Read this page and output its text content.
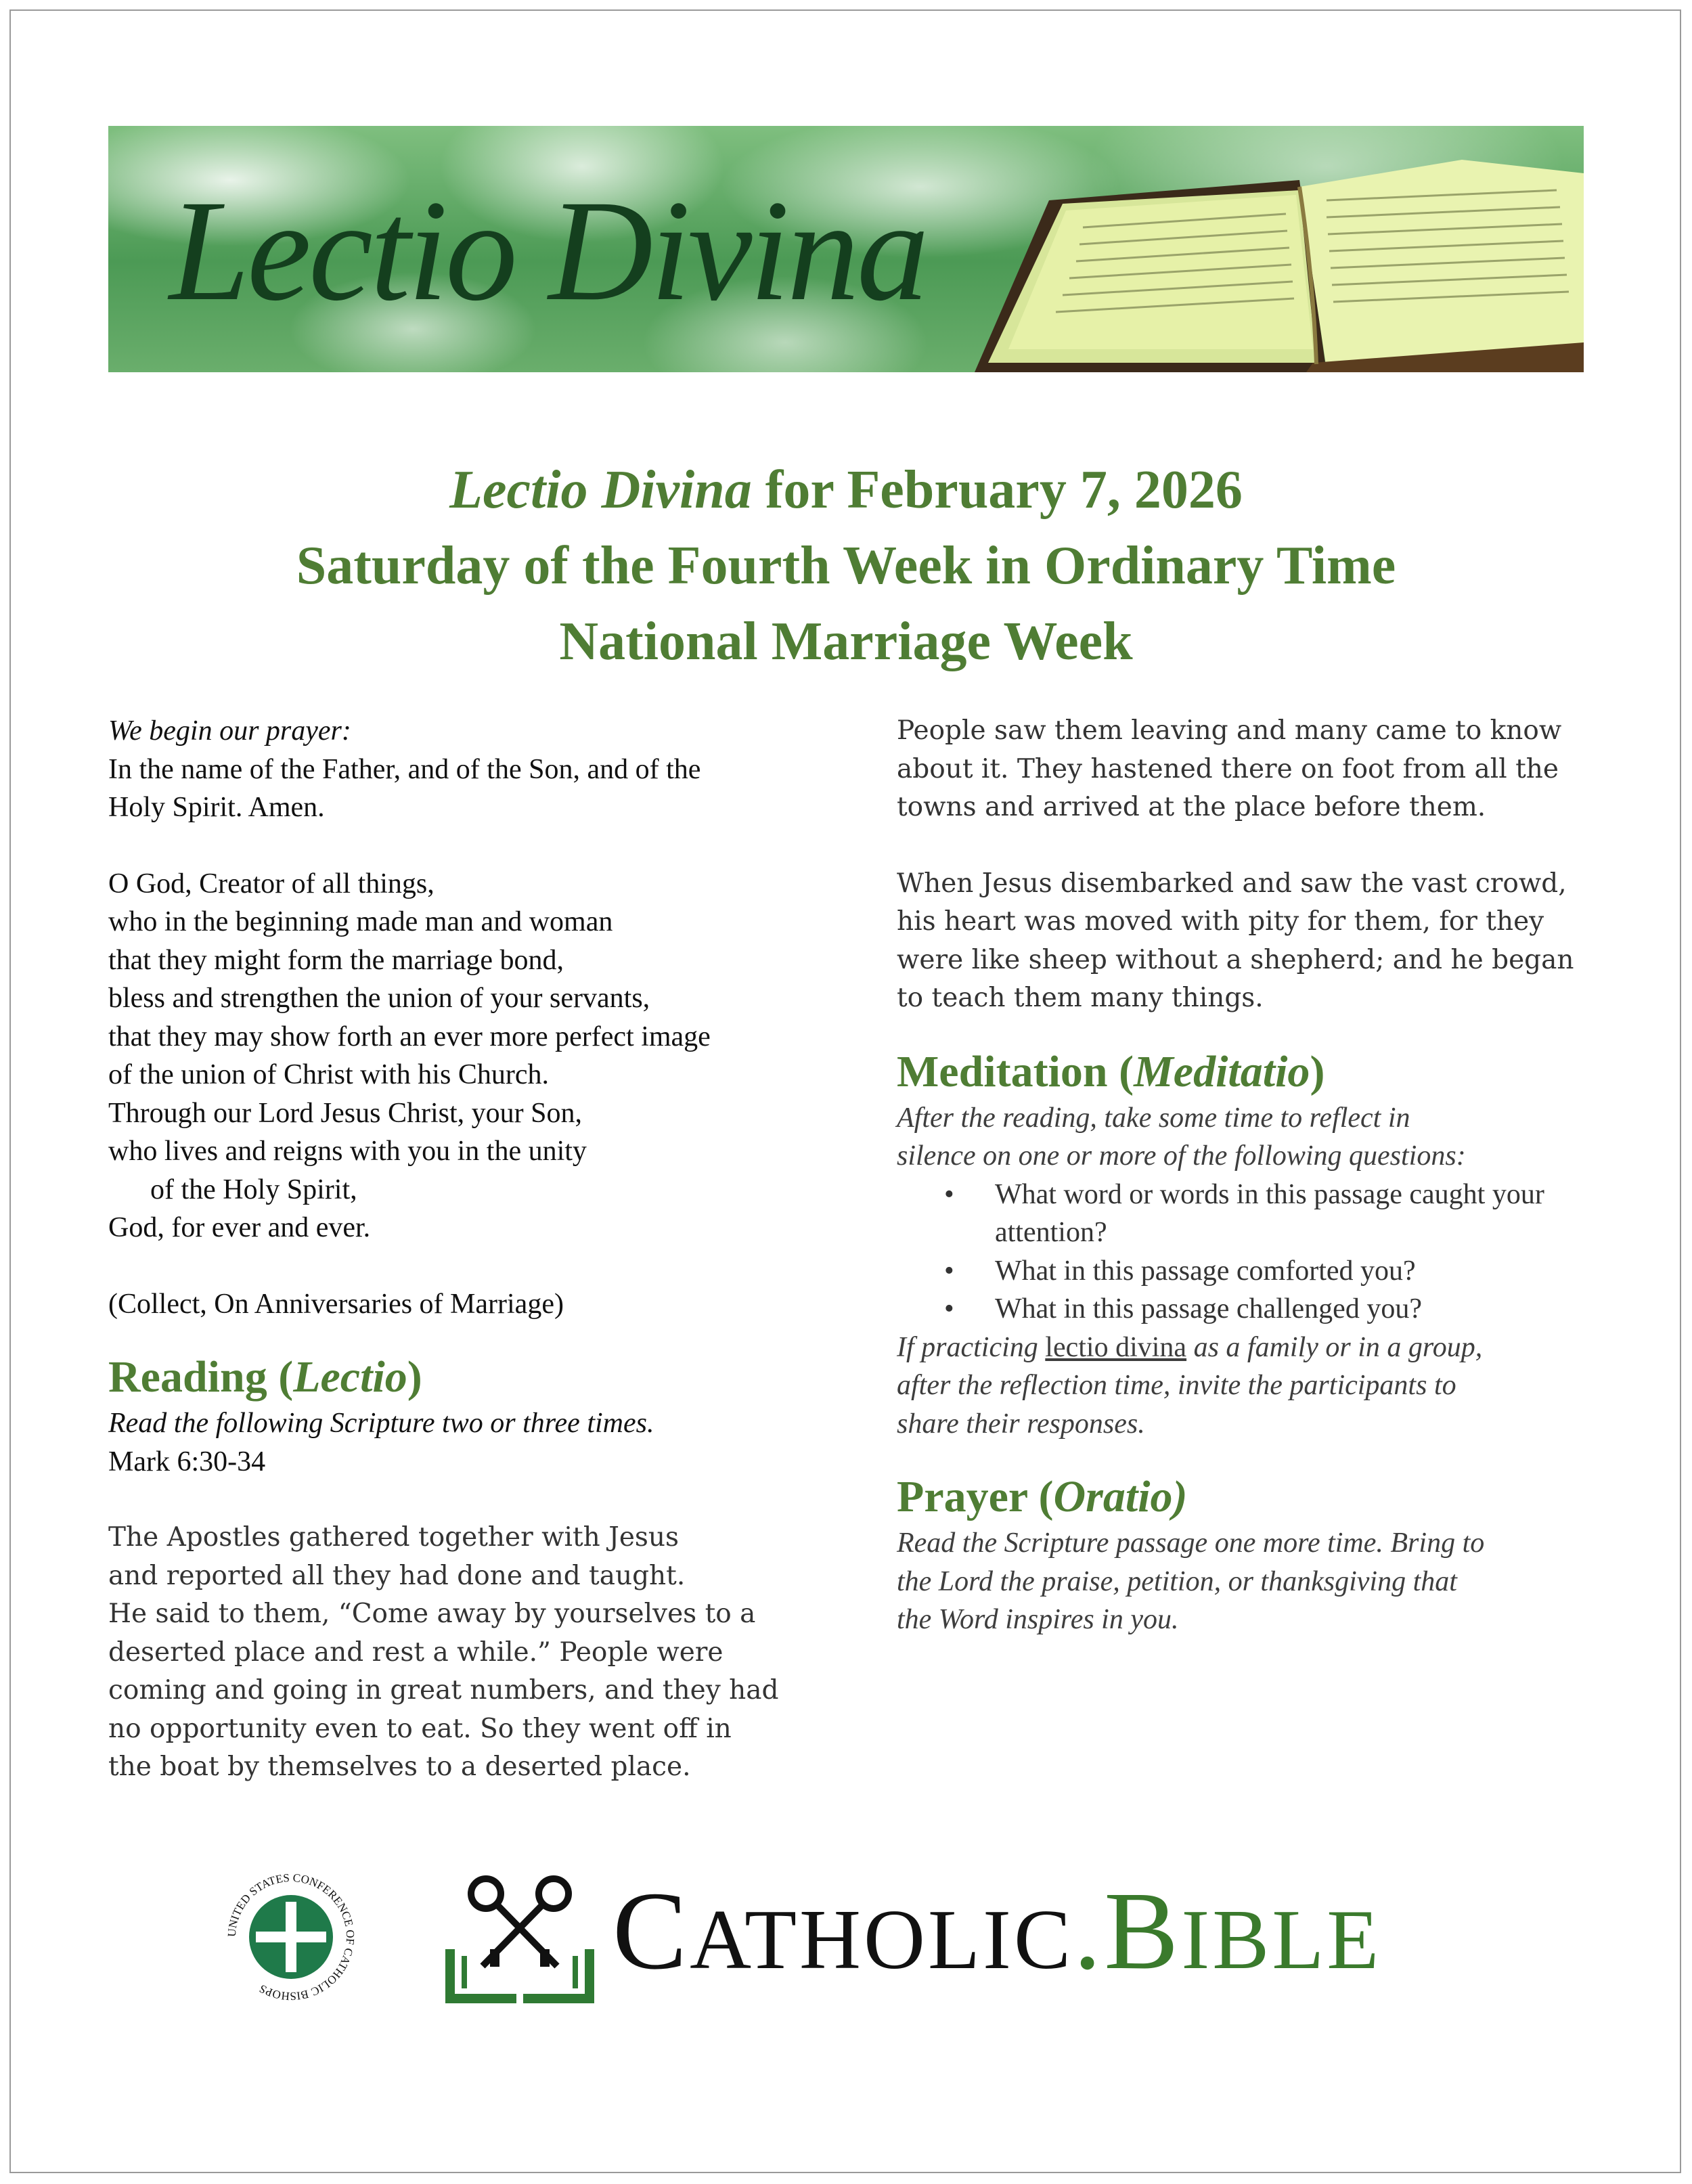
Lectio Divina
Lectio Divina for February 7, 2026
Saturday of the Fourth Week in Ordinary Time
National Marriage Week

We begin our prayer:

In the name of the Father, and of the Son, and of the

Holy Spirit. Amen.

O God, Creator of all things,

who in the beginning made man and woman

that they might form the marriage bond,

bless and strengthen the union of your servants,

that they may show forth an ever more perfect image

of the union of Christ with his Church.

Through our Lord Jesus Christ, your Son,

who lives and reigns with you in the unity

of the Holy Spirit,

God, for ever and ever.

(Collect, On Anniversaries of Marriage)

Reading (Lectio)

Read the following Scripture two or three times.

Mark 6:30-34

The Apostles gathered together with Jesus

and reported all they had done and taught.

He said to them, “Come away by yourselves to a

deserted place and rest a while.” People were

coming and going in great numbers, and they had

no opportunity even to eat. So they went off in

the boat by themselves to a deserted place.

People saw them leaving and many came to know

about it. They hastened there on foot from all the

towns and arrived at the place before them.

When Jesus disembarked and saw the vast crowd,

his heart was moved with pity for them, for they

were like sheep without a shepherd; and he began

to teach them many things.

Meditation (Meditatio)

After the reading, take some time to reflect in

silence on one or more of the following questions:

• What word or words in this passage caught your attention?
• What in this passage comforted you?
• What in this passage challenged you?

If practicing lectio divina as a family or in a group,

after the reflection time, invite the participants to

share their responses.

Prayer (Oratio)

Read the Scripture passage one more time. Bring to

the Lord the praise, petition, or thanksgiving that

the Word inspires in you.

UNITED STATES CONFERENCE OF CATHOLIC BISHOPS	CATHOLIC.BIBLE
